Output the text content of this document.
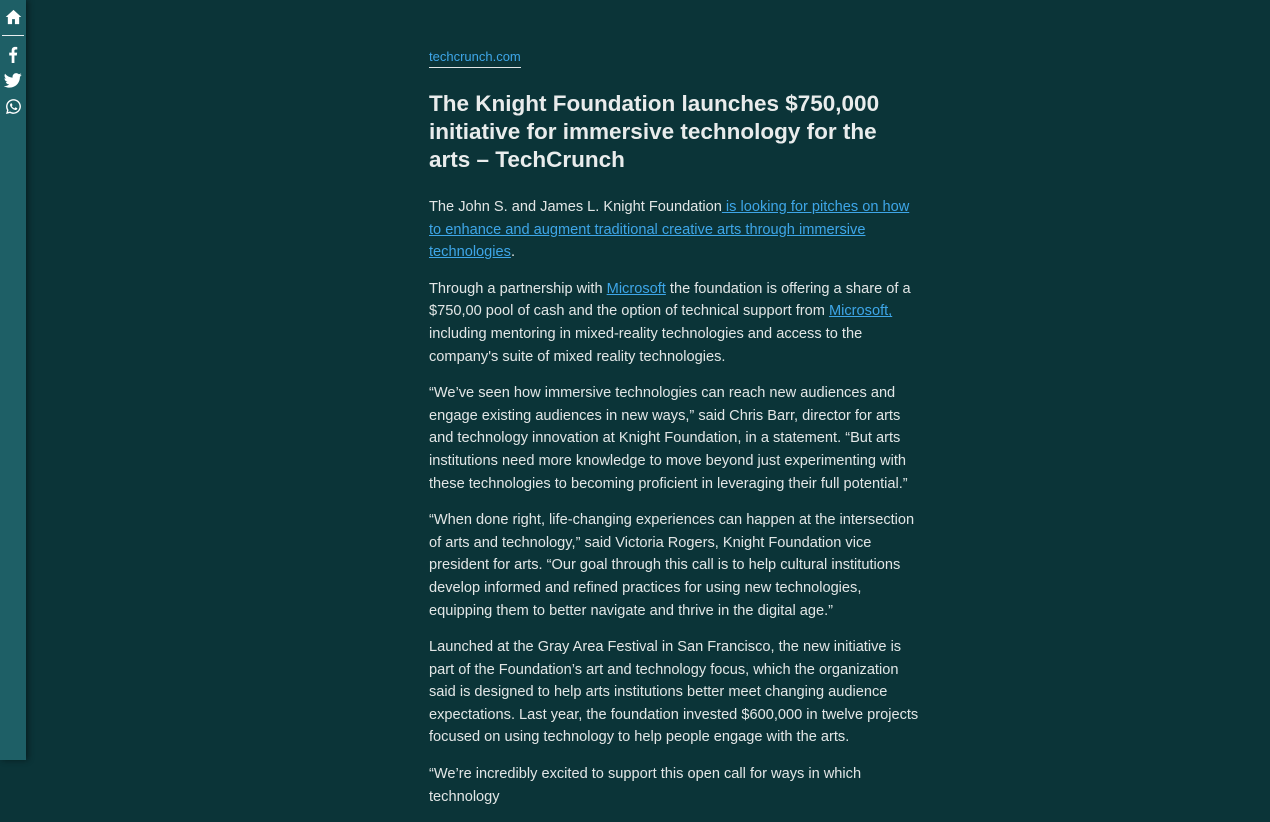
techcrunch.com
The Knight Foundation launches $750,000 initiative for immersive technology for the arts – TechCrunch

The John S. and James L. Knight Foundation is looking for pitches on how to enhance and augment traditional creative arts through immersive technologies.

Through a partnership with Microsoft the foundation is offering a share of a $750,00 pool of cash and the option of technical support from Microsoft, including mentoring in mixed-reality technologies and access to the company's suite of mixed reality technologies.

“We’ve seen how immersive technologies can reach new audiences and engage existing audiences in new ways,” said Chris Barr, director for arts and technology innovation at Knight Foundation, in a statement. “But arts institutions need more knowledge to move beyond just experimenting with these technologies to becoming proficient in leveraging their full potential.”

“When done right, life-changing experiences can happen at the intersection of arts and technology,” said Victoria Rogers, Knight Foundation vice president for arts. “Our goal through this call is to help cultural institutions develop informed and refined practices for using new technologies, equipping them to better navigate and thrive in the digital age.”

Launched at the Gray Area Festival in San Francisco, the new initiative is part of the Foundation’s art and technology focus, which the organization said is designed to help arts institutions better meet changing audience expectations. Last year, the foundation invested $600,000 in twelve projects focused on using technology to help people engage with the arts.

“We’re incredibly excited to support this open call for ways in which technology
